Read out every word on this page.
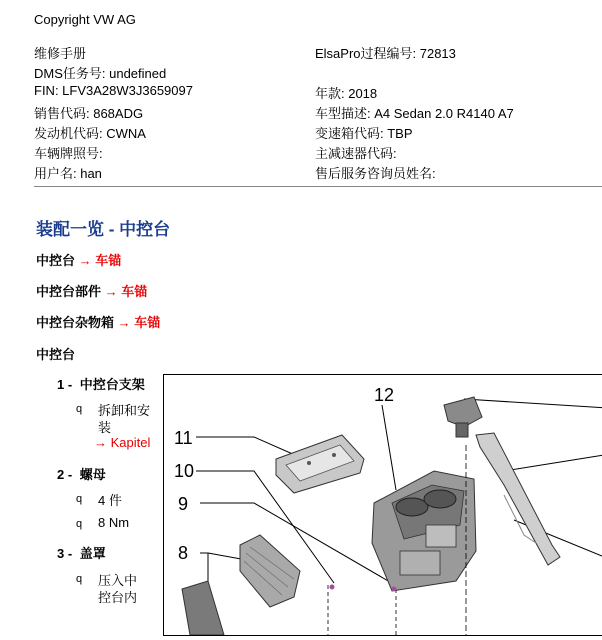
Copyright VW AG
维修手册
DMS任务号: undefined
FIN: LFV3A28W3J3659097
销售代码: 868ADG
发动机代码: CWNA
车辆牌照号:
用户名: han
ElsaPro过程编号: 72813
年款: 2018
车型描述: A4 Sedan 2.0 R4140 A7
变速箱代码: TBP
主减速器代码:
售后服务咨询员姓名:
装配一览 - 中控台
中控台 → 车锚
中控台部件 → 车锚
中控台杂物箱 → 车锚
中控台
1 - 中控台支架
q 拆卸和安
装
→ Kapitel
2 - 螺母
q 4 件
q 8 Nm
3 - 盖罩
q 压入中
控台内
12
11
10
9
8
